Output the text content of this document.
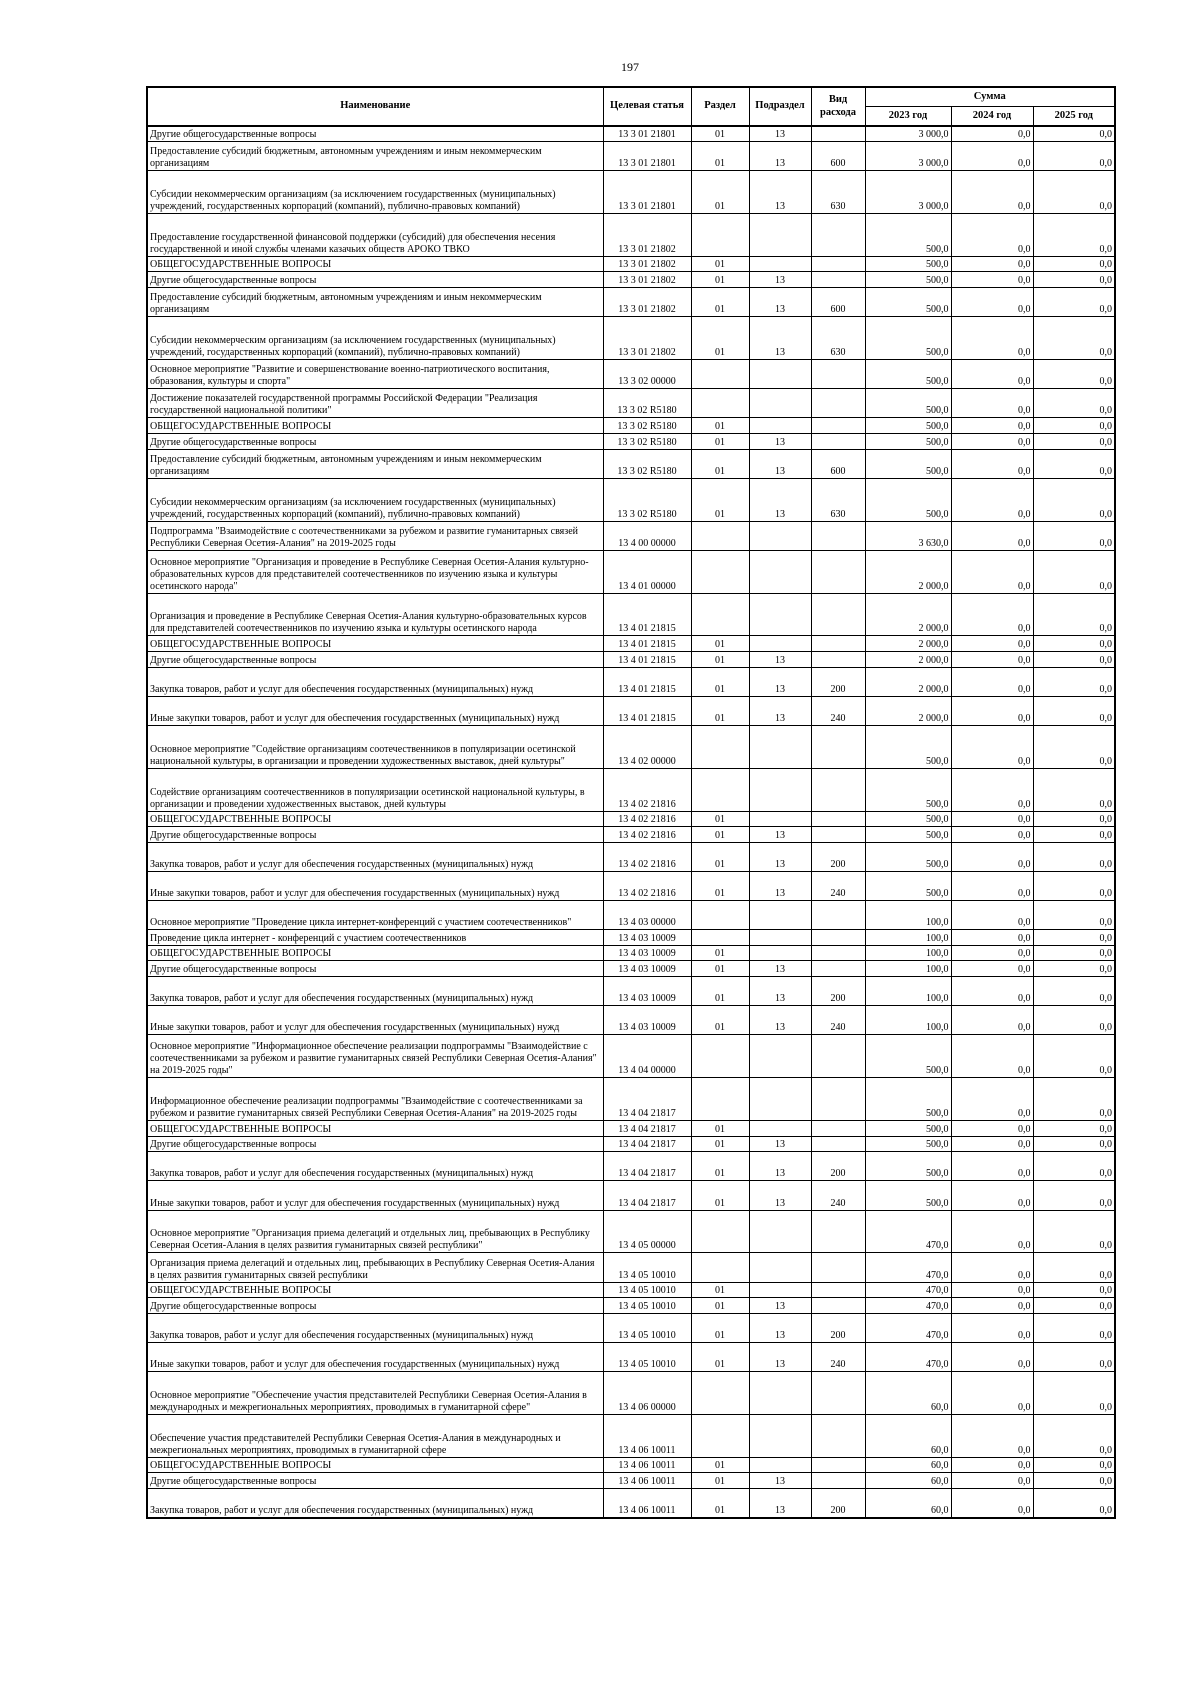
197
Наименование	Целевая статья	Раздел	Подраздел	Вид расхода	Сумма		
					2023 год	2024 год	2025 год
Другие общегосударственные вопросы	13 3 01 21801	01	13		3 000,0	0,0	0,0
Предоставление субсидий бюджетным, автономным учреждениям и иным некоммерческим организациям	13 3 01 21801	01	13	600	3 000,0	0,0	0,0
Субсидии некоммерческим организациям (за исключением государственных (муниципальных) учреждений, государственных корпораций (компаний), публично-правовых компаний)	13 3 01 21801	01	13	630	3 000,0	0,0	0,0
Предоставление государственной финансовой поддержки (субсидий) для обеспечения несения государственной и иной службы членами казачьих обществ АРОКО ТВКО	13 3 01 21802				500,0	0,0	0,0
ОБЩЕГОСУДАРСТВЕННЫЕ ВОПРОСЫ	13 3 01 21802	01			500,0	0,0	0,0
Другие общегосударственные вопросы	13 3 01 21802	01	13		500,0	0,0	0,0
Предоставление субсидий бюджетным, автономным учреждениям и иным некоммерческим организациям	13 3 01 21802	01	13	600	500,0	0,0	0,0
Субсидии некоммерческим организациям (за исключением государственных (муниципальных) учреждений, государственных корпораций (компаний), публично-правовых компаний)	13 3 01 21802	01	13	630	500,0	0,0	0,0
Основное мероприятие "Развитие и совершенствование военно-патриотического воспитания, образования, культуры и спорта"	13 3 02 00000				500,0	0,0	0,0
Достижение показателей государственной программы Российской Федерации "Реализация государственной национальной политики"	13 3 02 R5180				500,0	0,0	0,0
ОБЩЕГОСУДАРСТВЕННЫЕ ВОПРОСЫ	13 3 02 R5180	01			500,0	0,0	0,0
Другие общегосударственные вопросы	13 3 02 R5180	01	13		500,0	0,0	0,0
Предоставление субсидий бюджетным, автономным учреждениям и иным некоммерческим организациям	13 3 02 R5180	01	13	600	500,0	0,0	0,0
Субсидии некоммерческим организациям (за исключением государственных (муниципальных) учреждений, государственных корпораций (компаний), публично-правовых компаний)	13 3 02 R5180	01	13	630	500,0	0,0	0,0
Подпрограмма "Взаимодействие с соотечественниками за рубежом и развитие гуманитарных связей Республики Северная Осетия-Алания" на 2019-2025 годы	13 4 00 00000				3 630,0	0,0	0,0
Основное мероприятие "Организация и проведение в Республике Северная Осетия-Алания культурно-образовательных курсов для представителей соотечественников по изучению языка и культуры осетинского народа"	13 4 01 00000				2 000,0	0,0	0,0
Организация и проведение в Республике Северная Осетия-Алания культурно-образовательных курсов для представителей соотечественников по изучению языка и культуры осетинского народа	13 4 01 21815				2 000,0	0,0	0,0
ОБЩЕГОСУДАРСТВЕННЫЕ ВОПРОСЫ	13 4 01 21815	01			2 000,0	0,0	0,0
Другие общегосударственные вопросы	13 4 01 21815	01	13		2 000,0	0,0	0,0
Закупка товаров, работ и услуг для обеспечения государственных (муниципальных) нужд	13 4 01 21815	01	13	200	2 000,0	0,0	0,0
Иные закупки товаров, работ и услуг для обеспечения государственных (муниципальных) нужд	13 4 01 21815	01	13	240	2 000,0	0,0	0,0
Основное мероприятие "Содействие организациям соотечественников в популяризации осетинской национальной культуры, в организации и проведении художественных выставок, дней культуры"	13 4 02 00000				500,0	0,0	0,0
Содействие организациям соотечественников в популяризации осетинской национальной культуры, в организации и проведении художественных выставок, дней культуры	13 4 02 21816				500,0	0,0	0,0
ОБЩЕГОСУДАРСТВЕННЫЕ ВОПРОСЫ	13 4 02 21816	01			500,0	0,0	0,0
Другие общегосударственные вопросы	13 4 02 21816	01	13		500,0	0,0	0,0
Закупка товаров, работ и услуг для обеспечения государственных (муниципальных) нужд	13 4 02 21816	01	13	200	500,0	0,0	0,0
Иные закупки товаров, работ и услуг для обеспечения государственных (муниципальных) нужд	13 4 02 21816	01	13	240	500,0	0,0	0,0
Основное мероприятие "Проведение цикла интернет-конференций с участием соотечественников"	13 4 03 00000				100,0	0,0	0,0
Проведение цикла интернет - конференций с участием соотечественников	13 4 03 10009				100,0	0,0	0,0
ОБЩЕГОСУДАРСТВЕННЫЕ ВОПРОСЫ	13 4 03 10009	01			100,0	0,0	0,0
Другие общегосударственные вопросы	13 4 03 10009	01	13		100,0	0,0	0,0
Закупка товаров, работ и услуг для обеспечения государственных (муниципальных) нужд	13 4 03 10009	01	13	200	100,0	0,0	0,0
Иные закупки товаров, работ и услуг для обеспечения государственных (муниципальных) нужд	13 4 03 10009	01	13	240	100,0	0,0	0,0
Основное мероприятие "Информационное обеспечение реализации подпрограммы "Взаимодействие с соотечественниками за рубежом и развитие гуманитарных связей Республики Северная Осетия-Алания" на 2019-2025 годы"	13 4 04 00000				500,0	0,0	0,0
Информационное обеспечение реализации подпрограммы "Взаимодействие с соотечественниками за рубежом и развитие гуманитарных связей Республики Северная Осетия-Алания" на 2019-2025 годы	13 4 04 21817				500,0	0,0	0,0
ОБЩЕГОСУДАРСТВЕННЫЕ ВОПРОСЫ	13 4 04 21817	01			500,0	0,0	0,0
Другие общегосударственные вопросы	13 4 04 21817	01	13		500,0	0,0	0,0
Закупка товаров, работ и услуг для обеспечения государственных (муниципальных) нужд	13 4 04 21817	01	13	200	500,0	0,0	0,0
Иные закупки товаров, работ и услуг для обеспечения государственных (муниципальных) нужд	13 4 04 21817	01	13	240	500,0	0,0	0,0
Основное мероприятие "Организация приема делегаций и отдельных лиц, пребывающих в Республику Северная Осетия-Алания в целях развития гуманитарных связей республики"	13 4 05 00000				470,0	0,0	0,0
Организация приема делегаций и отдельных лиц, пребывающих в Республику Северная Осетия-Алания в целях развития гуманитарных связей республики	13 4 05 10010				470,0	0,0	0,0
ОБЩЕГОСУДАРСТВЕННЫЕ ВОПРОСЫ	13 4 05 10010	01			470,0	0,0	0,0
Другие общегосударственные вопросы	13 4 05 10010	01	13		470,0	0,0	0,0
Закупка товаров, работ и услуг для обеспечения государственных (муниципальных) нужд	13 4 05 10010	01	13	200	470,0	0,0	0,0
Иные закупки товаров, работ и услуг для обеспечения государственных (муниципальных) нужд	13 4 05 10010	01	13	240	470,0	0,0	0,0
Основное мероприятие "Обеспечение участия представителей Республики Северная Осетия-Алания в международных и межрегиональных мероприятиях, проводимых в гуманитарной сфере"	13 4 06 00000				60,0	0,0	0,0
Обеспечение участия представителей Республики Северная Осетия-Алания в международных и межрегиональных мероприятиях, проводимых в гуманитарной сфере	13 4 06 10011				60,0	0,0	0,0
ОБЩЕГОСУДАРСТВЕННЫЕ ВОПРОСЫ	13 4 06 10011	01			60,0	0,0	0,0
Другие общегосударственные вопросы	13 4 06 10011	01	13		60,0	0,0	0,0
Закупка товаров, работ и услуг для обеспечения государственных (муниципальных) нужд	13 4 06 10011	01	13	200	60,0	0,0	0,0
